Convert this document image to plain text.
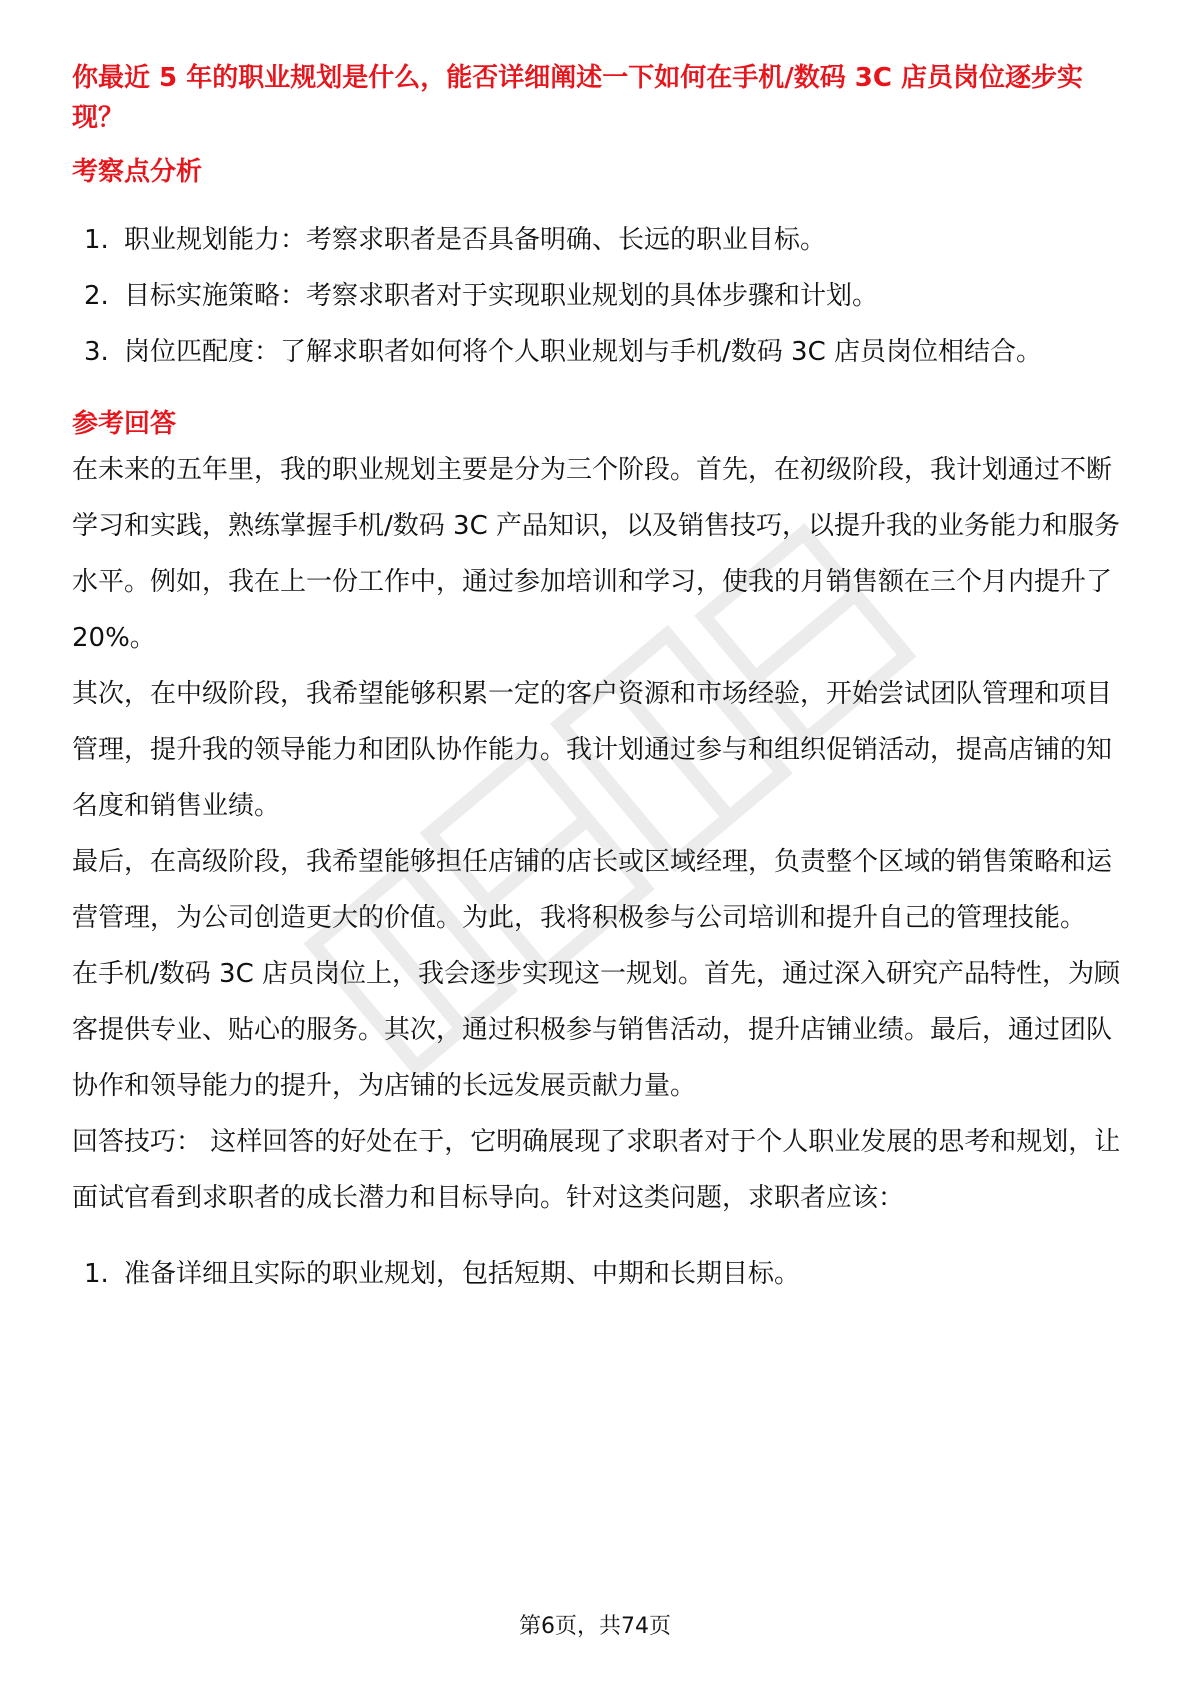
你最近 5 年的职业规划是什么，能否详细阐述一下如何在手机/数码 3C 店员岗位逐步实现？
考察点分析
1. 职业规划能力：考察求职者是否具备明确、长远的职业目标。
2. 目标实施策略：考察求职者对于实现职业规划的具体步骤和计划。
3. 岗位匹配度：了解求职者如何将个人职业规划与手机/数码 3C 店员岗位相结合。
参考回答

在未来的五年里，我的职业规划主要是分为三个阶段。首先，在初级阶段，我计划通过不断学习和实践，熟练掌握手机/数码 3C 产品知识，以及销售技巧，以提升我的业务能力和服务水平。例如，我在上一份工作中，通过参加培训和学习，使我的月销售额在三个月内提升了20%。

其次，在中级阶段，我希望能够积累一定的客户资源和市场经验，开始尝试团队管理和项目管理，提升我的领导能力和团队协作能力。我计划通过参与和组织促销活动，提高店铺的知名度和销售业绩。

最后，在高级阶段，我希望能够担任店铺的店长或区域经理，负责整个区域的销售策略和运营管理，为公司创造更大的价值。为此，我将积极参与公司培训和提升自己的管理技能。

在手机/数码 3C 店员岗位上，我会逐步实现这一规划。首先，通过深入研究产品特性，为顾客提供专业、贴心的服务。其次，通过积极参与销售活动，提升店铺业绩。最后，通过团队协作和领导能力的提升，为店铺的长远发展贡献力量。

回答技巧： 这样回答的好处在于，它明确展现了求职者对于个人职业发展的思考和规划，让面试官看到求职者的成长潜力和目标导向。针对这类问题，求职者应该：

1. 准备详细且实际的职业规划，包括短期、中期和长期目标。
第6页，共74页
